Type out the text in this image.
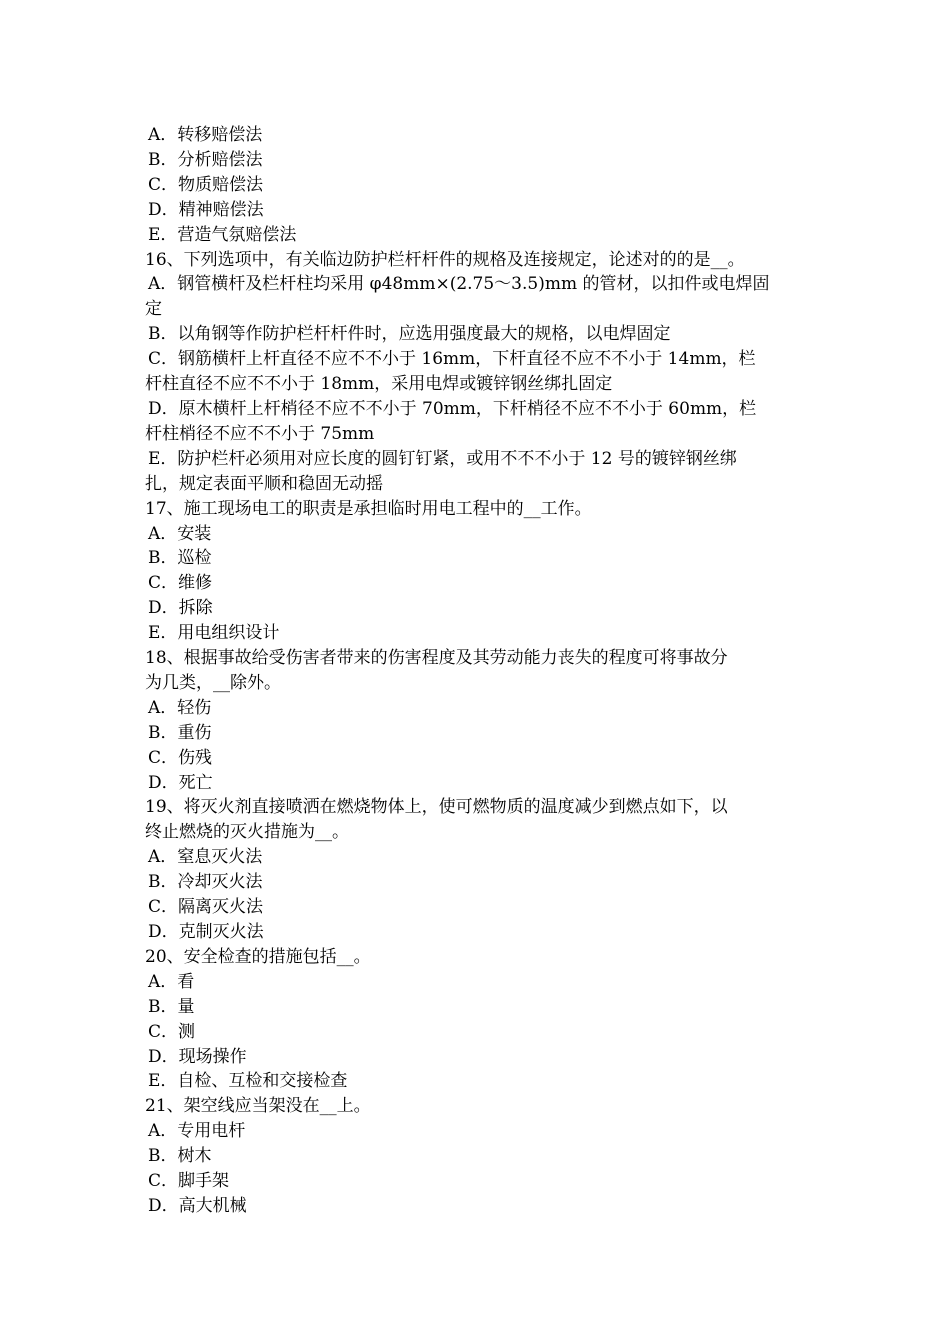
A．转移赔偿法
B．分析赔偿法
C．物质赔偿法
D．精神赔偿法
E．营造气氛赔偿法
16、下列选项中，有关临边防护栏杆杆件的规格及连接规定，论述对的的是__。
A．钢管横杆及栏杆柱均采用 φ48mm×(2.75～3.5)mm 的管材，以扣件或电焊固
定
B．以角钢等作防护栏杆杆件时，应选用强度最大的规格，以电焊固定
C．钢筋横杆上杆直径不应不不小于 16mm，下杆直径不应不不小于 14mm，栏
杆柱直径不应不不小于 18mm，采用电焊或镀锌钢丝绑扎固定
D．原木横杆上杆梢径不应不不小于 70mm，下杆梢径不应不不小于 60mm，栏
杆柱梢径不应不不小于 75mm
E．防护栏杆必须用对应长度的圆钉钉紧，或用不不不小于 12 号的镀锌钢丝绑
扎，规定表面平顺和稳固无动摇
17、施工现场电工的职责是承担临时用电工程中的__工作。
A．安装
B．巡检
C．维修
D．拆除
E．用电组织设计
18、根据事故给受伤害者带来的伤害程度及其劳动能力丧失的程度可将事故分
为几类，__除外。
A．轻伤
B．重伤
C．伤残
D．死亡
19、将灭火剂直接喷洒在燃烧物体上，使可燃物质的温度减少到燃点如下，以
终止燃烧的灭火措施为__。
A．窒息灭火法
B．冷却灭火法
C．隔离灭火法
D．克制灭火法
20、安全检查的措施包括__。
A．看
B．量
C．测
D．现场操作
E．自检、互检和交接检查
21、架空线应当架没在__上。
A．专用电杆
B．树木
C．脚手架
D．高大机械
